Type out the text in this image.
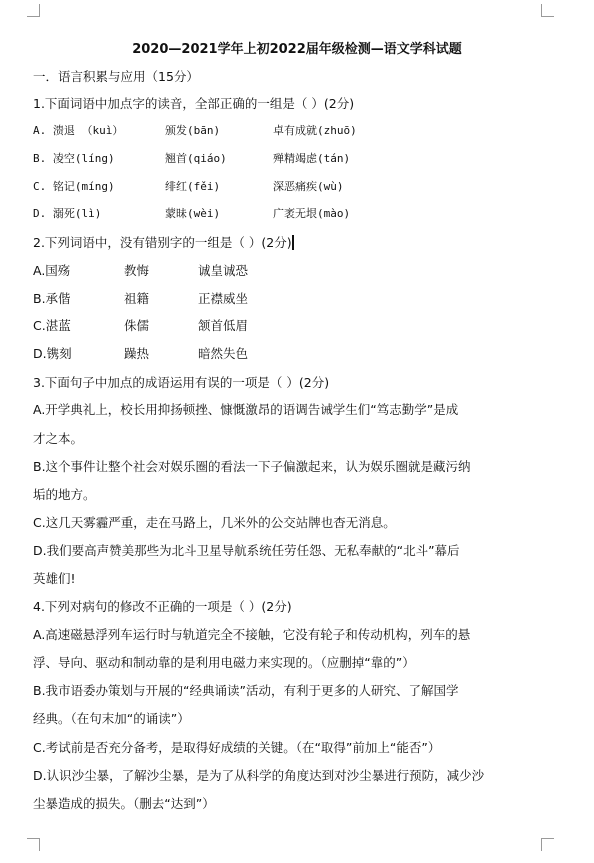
2020—2021学年上初2022届年级检测—语文学科试题
一．语言积累与应用（15分）
1.下面词语中加点字的读音，全部正确的一组是（ ）(2分)
A. 溃退 （kuì）	颁发(bān)	卓有成就(zhuō)
B. 凌空(líng)	翘首(qiáo)	殚精竭虑(tán)
C. 铭记(míng)	绯红(fěi)	深恶痛疾(wù)
D. 溺死(lì)	蒙昧(wèi)	广袤无垠(mào)
2.下列词语中，没有错别字的一组是（ ）(2分)
A.国殇	教悔	诚皇诚恐
B.承偕	祖籍	正襟威坐
C.湛蓝	侏儒	颔首低眉
D.镌刻	躁热	暗然失色
3.下面句子中加点的成语运用有误的一项是（ ）(2分)
A.开学典礼上，校长用抑扬顿挫、慷慨激昂的语调告诫学生们“笃志勤学”是成
才之本。
B.这个事件让整个社会对娱乐圈的看法一下子偏激起来，认为娱乐圈就是藏污纳
垢的地方。
C.这几天雾霾严重，走在马路上，几米外的公交站牌也杳无消息。
D.我们要高声赞美那些为北斗卫星导航系统任劳任怨、无私奉献的“北斗”幕后
英雄们!
4.下列对病句的修改不正确的一项是（ ）(2分)
A.高速磁悬浮列车运行时与轨道完全不接触，它没有轮子和传动机构，列车的悬
浮、导向、驱动和制动靠的是利用电磁力来实现的。（应删掉“靠的”）
B.我市语委办策划与开展的“经典诵读”活动，有利于更多的人研究、了解国学
经典。（在句末加“的诵读”）
C.考试前是否充分备考，是取得好成绩的关键。（在“取得”前加上“能否”）
D.认识沙尘暴，了解沙尘暴，是为了从科学的角度达到对沙尘暴进行预防，减少沙
尘暴造成的损失。（删去“达到”）
